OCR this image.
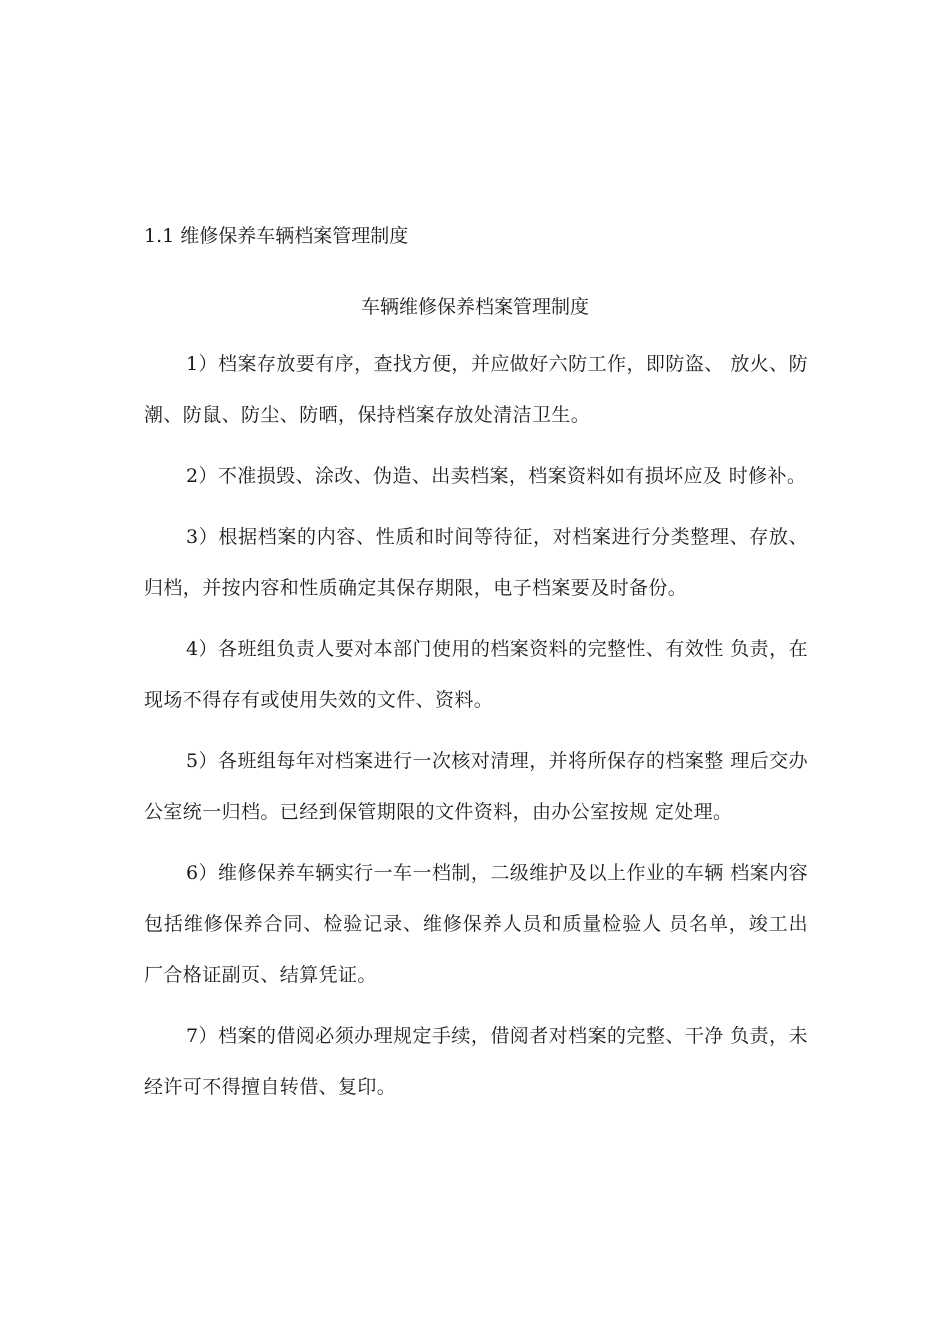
1.1 维修保养车辆档案管理制度
车辆维修保养档案管理制度

1）档案存放要有序，查找方便，并应做好六防工作，即防盗、 放火、防潮、防鼠、防尘、防晒，保持档案存放处清洁卫生。

2）不准损毁、涂改、伪造、出卖档案，档案资料如有损坏应及 时修补。

3）根据档案的内容、性质和时间等待征，对档案进行分类整理、存放、归档，并按内容和性质确定其保存期限，电子档案要及时备份。

4）各班组负责人要对本部门使用的档案资料的完整性、有效性 负责，在现场不得存有或使用失效的文件、资料。

5）各班组每年对档案进行一次核对清理，并将所保存的档案整 理后交办公室统一归档。已经到保管期限的文件资料，由办公室按规 定处理。

6）维修保养车辆实行一车一档制，二级维护及以上作业的车辆 档案内容包括维修保养合同、检验记录、维修保养人员和质量检验人 员名单，竣工出厂合格证副页、结算凭证。

7）档案的借阅必须办理规定手续，借阅者对档案的完整、干净 负责，未经许可不得擅自转借、复印。
